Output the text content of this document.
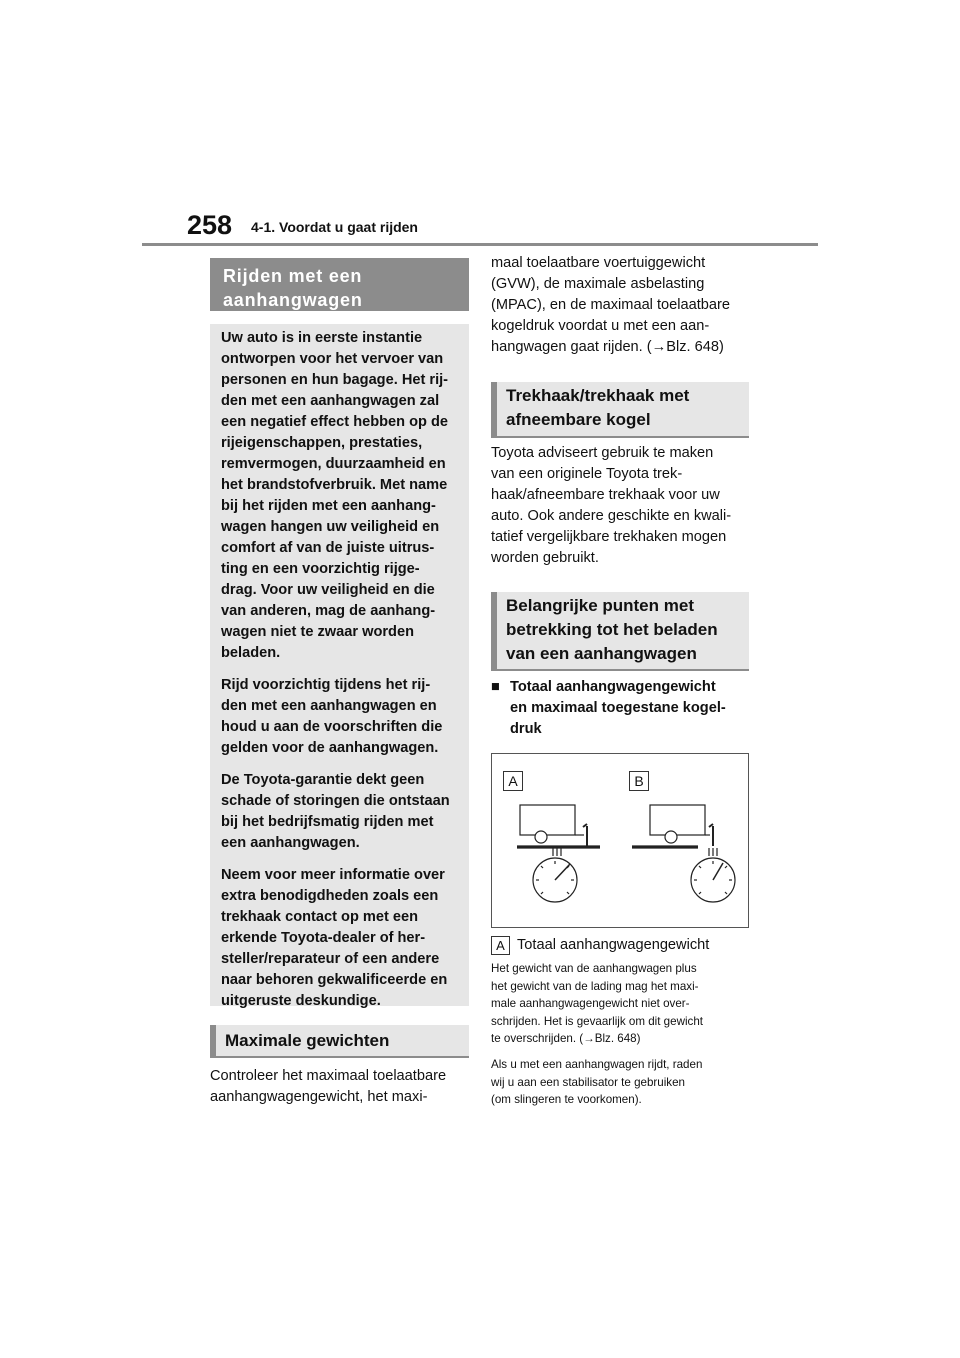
258 4-1. Voordat u gaat rijden
Rijden met een
aanhangwagen

Uw auto is in eerste instantie
ontworpen voor het vervoer van
personen en hun bagage. Het rij-
den met een aanhangwagen zal
een negatief effect hebben op de
rijeigenschappen, prestaties,
remvermogen, duurzaamheid en
het brandstofverbruik. Met name
bij het rijden met een aanhang-
wagen hangen uw veiligheid en
comfort af van de juiste uitrus-
ting en een voorzichtig rijge-
drag. Voor uw veiligheid en die
van anderen, mag de aanhang-
wagen niet te zwaar worden
beladen.

Rijd voorzichtig tijdens het rij-
den met een aanhangwagen en
houd u aan de voorschriften die
gelden voor de aanhangwagen.

De Toyota-garantie dekt geen
schade of storingen die ontstaan
bij het bedrijfsmatig rijden met
een aanhangwagen.

Neem voor meer informatie over
extra benodigdheden zoals een
trekhaak contact op met een
erkende Toyota-dealer of her-
steller/reparateur of een andere
naar behoren gekwalificeerde en
uitgeruste deskundige.

Maximale gewichten

Controleer het maximaal toelaatbare
aanhangwagengewicht, het maxi-

maal toelaatbare voertuiggewicht
(GVW), de maximale asbelasting
(MPAC), en de maximaal toelaatbare
kogeldruk voordat u met een aan-
hangwagen gaat rijden. (→Blz. 648)

Trekhaak/trekhaak met
afneembare kogel

Toyota adviseert gebruik te maken
van een originele Toyota trek-
haak/afneembare trekhaak voor uw
auto. Ook andere geschikte en kwali-
tatief vergelijkbare trekhaken mogen
worden gebruikt.

Belangrijke punten met
betrekking tot het beladen
van een aanhangwagen
■ Totaal aanhangwagengewicht
en maximaal toegestane kogel-
druk
A	B
A Totaal aanhangwagengewicht

Het gewicht van de aanhangwagen plus
het gewicht van de lading mag het maxi-
male aanhangwagengewicht niet over-
schrijden. Het is gevaarlijk om dit gewicht
te overschrijden. (→Blz. 648)

Als u met een aanhangwagen rijdt, raden
wij u aan een stabilisator te gebruiken
(om slingeren te voorkomen).
